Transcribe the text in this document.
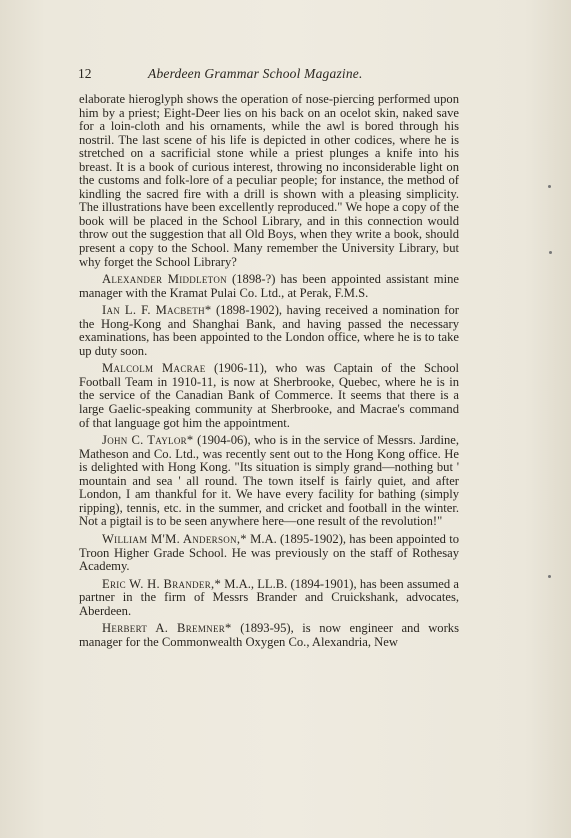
12	Aberdeen Grammar School Magazine.

elaborate hieroglyph shows the operation of nose-piercing performed upon him by a priest; Eight-Deer lies on his back on an ocelot skin, naked save for a loin-cloth and his ornaments, while the awl is bored through his nostril. The last scene of his life is depicted in other codices, where he is stretched on a sacrificial stone while a priest plunges a knife into his breast. It is a book of curious interest, throwing no inconsiderable light on the customs and folk-lore of a peculiar people; for instance, the method of kindling the sacred fire with a drill is shown with a pleasing simplicity. The illustrations have been excellently reproduced." We hope a copy of the book will be placed in the School Library, and in this connection would throw out the suggestion that all Old Boys, when they write a book, should present a copy to the School. Many remember the University Library, but why forget the School Library?

Alexander Middleton (1898-?) has been appointed assistant mine manager with the Kramat Pulai Co. Ltd., at Perak, F.M.S.

Ian L. F. Macbeth* (1898-1902), having received a nomination for the Hong-Kong and Shanghai Bank, and having passed the necessary examinations, has been appointed to the London office, where he is to take up duty soon.

Malcolm Macrae (1906-11), who was Captain of the School Football Team in 1910-11, is now at Sherbrooke, Quebec, where he is in the service of the Canadian Bank of Commerce. It seems that there is a large Gaelic-speaking community at Sherbrooke, and Macrae's command of that language got him the appointment.

John C. Taylor* (1904-06), who is in the service of Messrs. Jardine, Matheson and Co. Ltd., was recently sent out to the Hong Kong office. He is delighted with Hong Kong. "Its situation is simply grand—nothing but ' mountain and sea ' all round. The town itself is fairly quiet, and after London, I am thankful for it. We have every facility for bathing (simply ripping), tennis, etc. in the summer, and cricket and football in the winter. Not a pigtail is to be seen anywhere here—one result of the revolution!"

William M'M. Anderson,* M.A. (1895-1902), has been appointed to Troon Higher Grade School. He was previously on the staff of Rothesay Academy.

Eric W. H. Brander,* M.A., LL.B. (1894-1901), has been assumed a partner in the firm of Messrs Brander and Cruickshank, advocates, Aberdeen.

Herbert A. Bremner* (1893-95), is now engineer and works manager for the Commonwealth Oxygen Co., Alexandria, New
